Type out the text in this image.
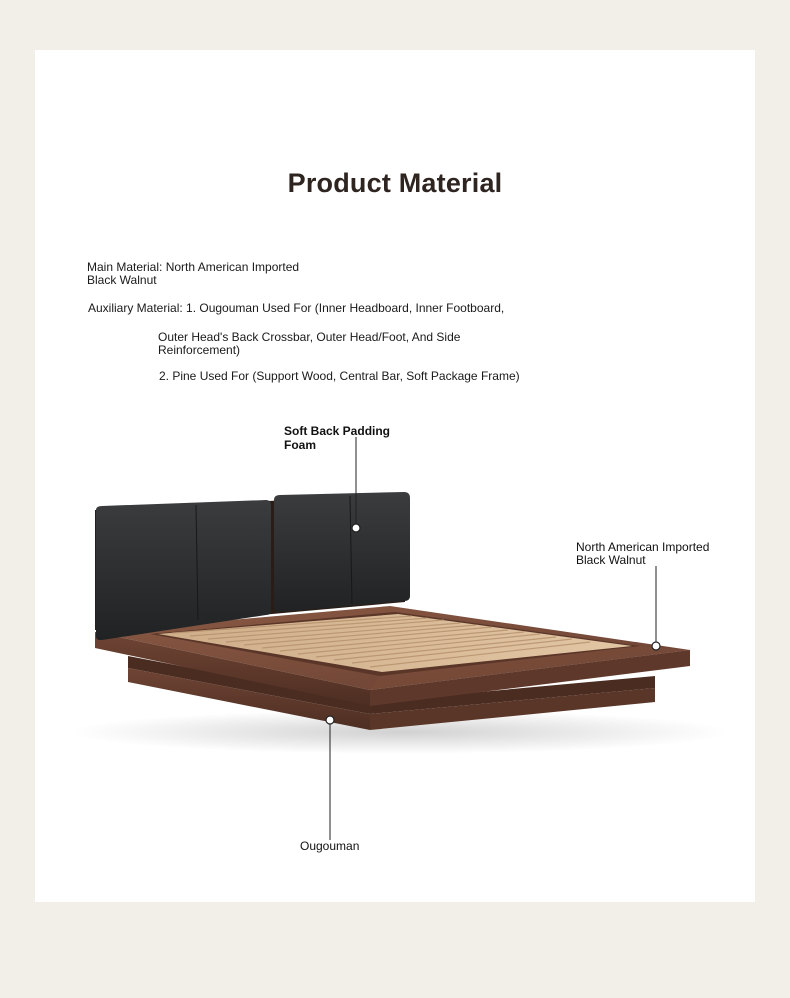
Product Material
Main Material: North American Imported
Black Walnut
Auxiliary Material: 1. Ougouman Used For (Inner Headboard, Inner Footboard,
Outer Head's Back Crossbar, Outer Head/Foot, And Side
Reinforcement)
2. Pine Used For (Support Wood, Central Bar, Soft Package Frame)
Soft Back Padding
Foam
North American Imported
Black Walnut
Ougouman
